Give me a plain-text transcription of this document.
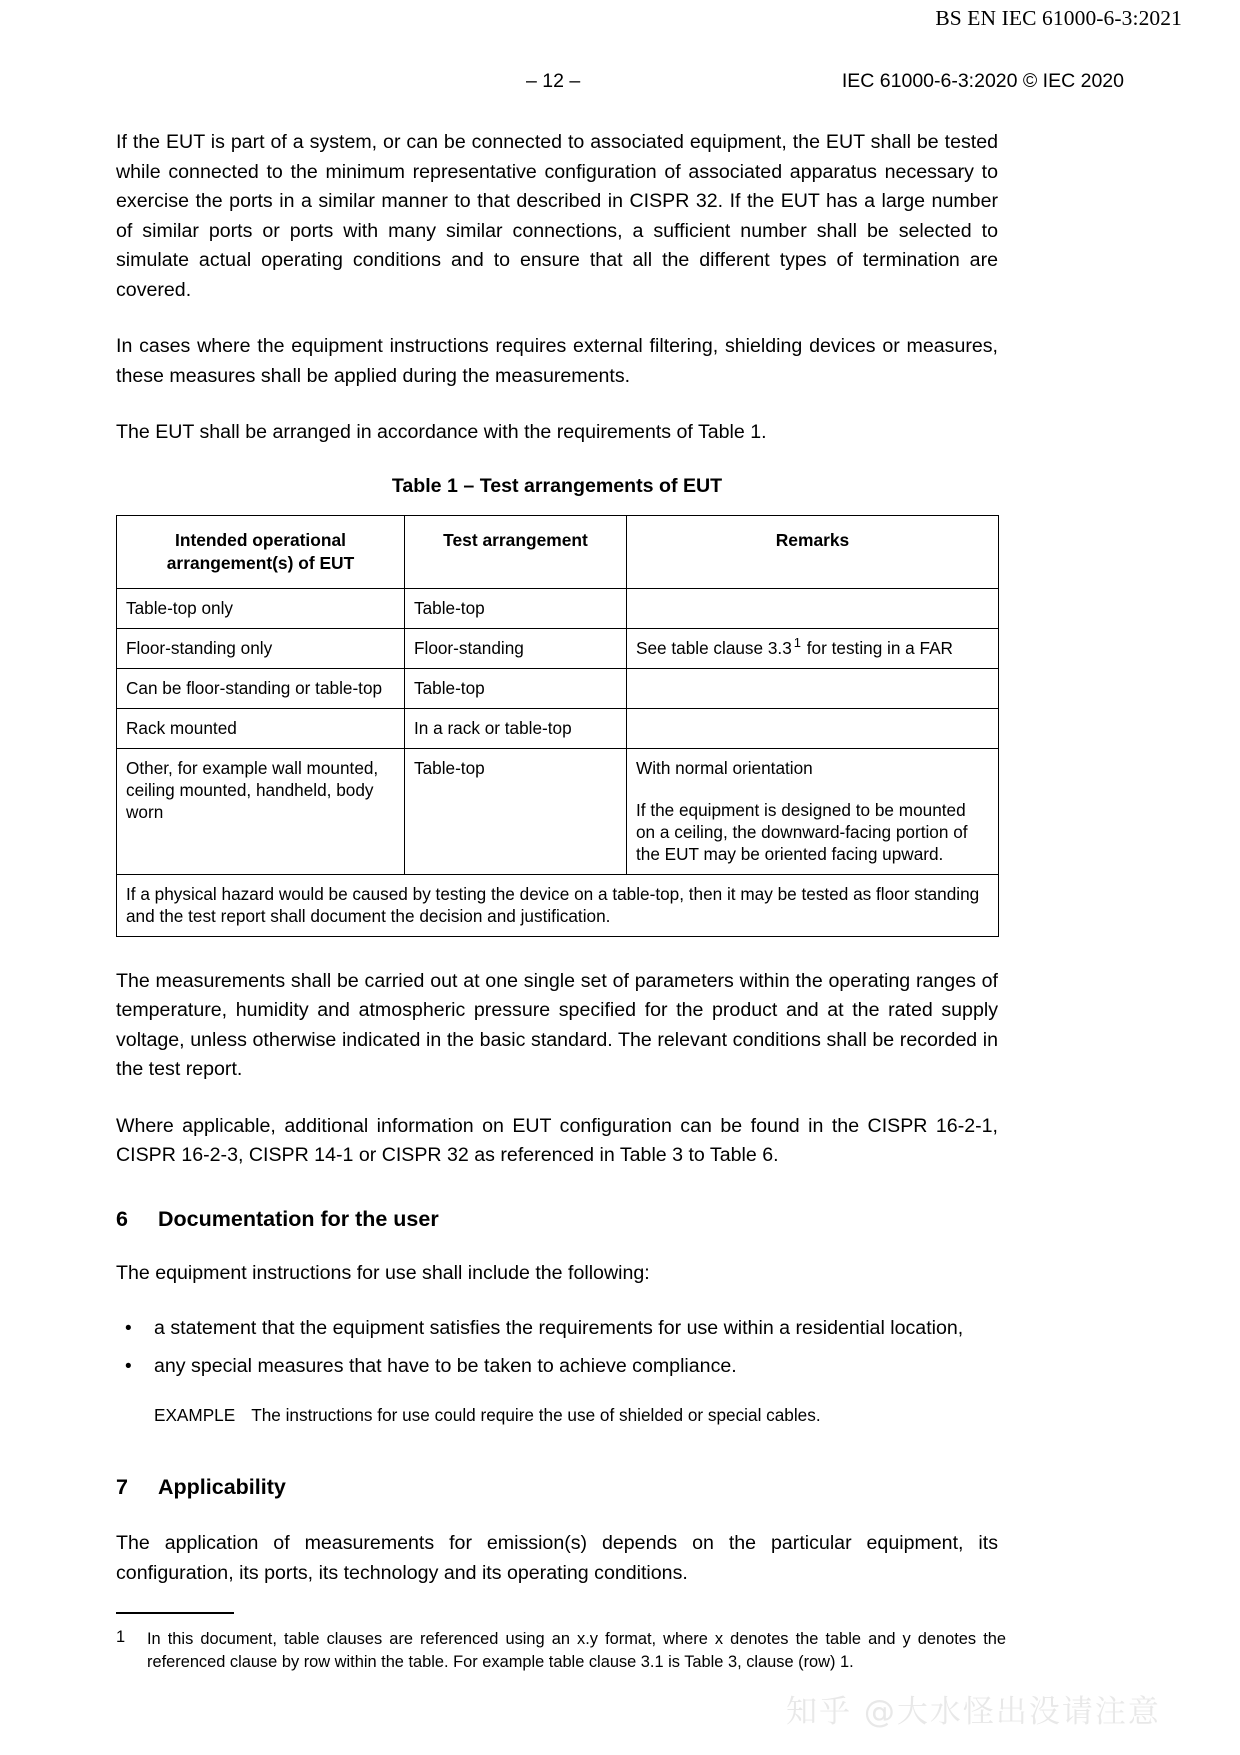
BS EN IEC 61000-6-3:2021
– 12 –	IEC 61000-6-3:2020 © IEC 2020

If the EUT is part of a system, or can be connected to associated equipment, the EUT shall be tested while connected to the minimum representative configuration of associated apparatus necessary to exercise the ports in a similar manner to that described in CISPR 32. If the EUT has a large number of similar ports or ports with many similar connections, a sufficient number shall be selected to simulate actual operating conditions and to ensure that all the different types of termination are covered.

In cases where the equipment instructions requires external filtering, shielding devices or measures, these measures shall be applied during the measurements.

The EUT shall be arranged in accordance with the requirements of Table 1.

Table 1 – Test arrangements of EUT
Intended operational arrangement(s) of EUT	Test arrangement	Remarks
Table-top only	Table-top	
Floor-standing only	Floor-standing	See table clause 3.3 $^1$ for testing in a FAR
Can be floor-standing or table-top	Table-top	
Rack mounted	In a rack or table-top	
Other, for example wall mounted, ceiling mounted, handheld, body worn	Table-top	With normal orientation

If the equipment is designed to be mounted on a ceiling, the downward-facing portion of the EUT may be oriented facing upward.

If a physical hazard would be caused by testing the device on a table-top, then it may be tested as floor standing and the test report shall document the decision and justification.		

The measurements shall be carried out at one single set of parameters within the operating ranges of temperature, humidity and atmospheric pressure specified for the product and at the rated supply voltage, unless otherwise indicated in the basic standard. The relevant conditions shall be recorded in the test report.

Where applicable, additional information on EUT configuration can be found in the CISPR 16-2-1, CISPR 16-2-3, CISPR 14-1 or CISPR 32 as referenced in Table 3 to Table 6.

6 Documentation for the user

The equipment instructions for use shall include the following:

• a statement that the equipment satisfies the requirements for use within a residential location,
• any special measures that have to be taken to achieve compliance.

EXAMPLE The instructions for use could require the use of shielded or special cables.

7 Applicability

The application of measurements for emission(s) depends on the particular equipment, its configuration, its ports, its technology and its operating conditions.

1 In this document, table clauses are referenced using an x.y format, where x denotes the table and y denotes the referenced clause by row within the table. For example table clause 3.1 is Table 3, clause (row) 1.
知乎 @大水怪出没请注意
